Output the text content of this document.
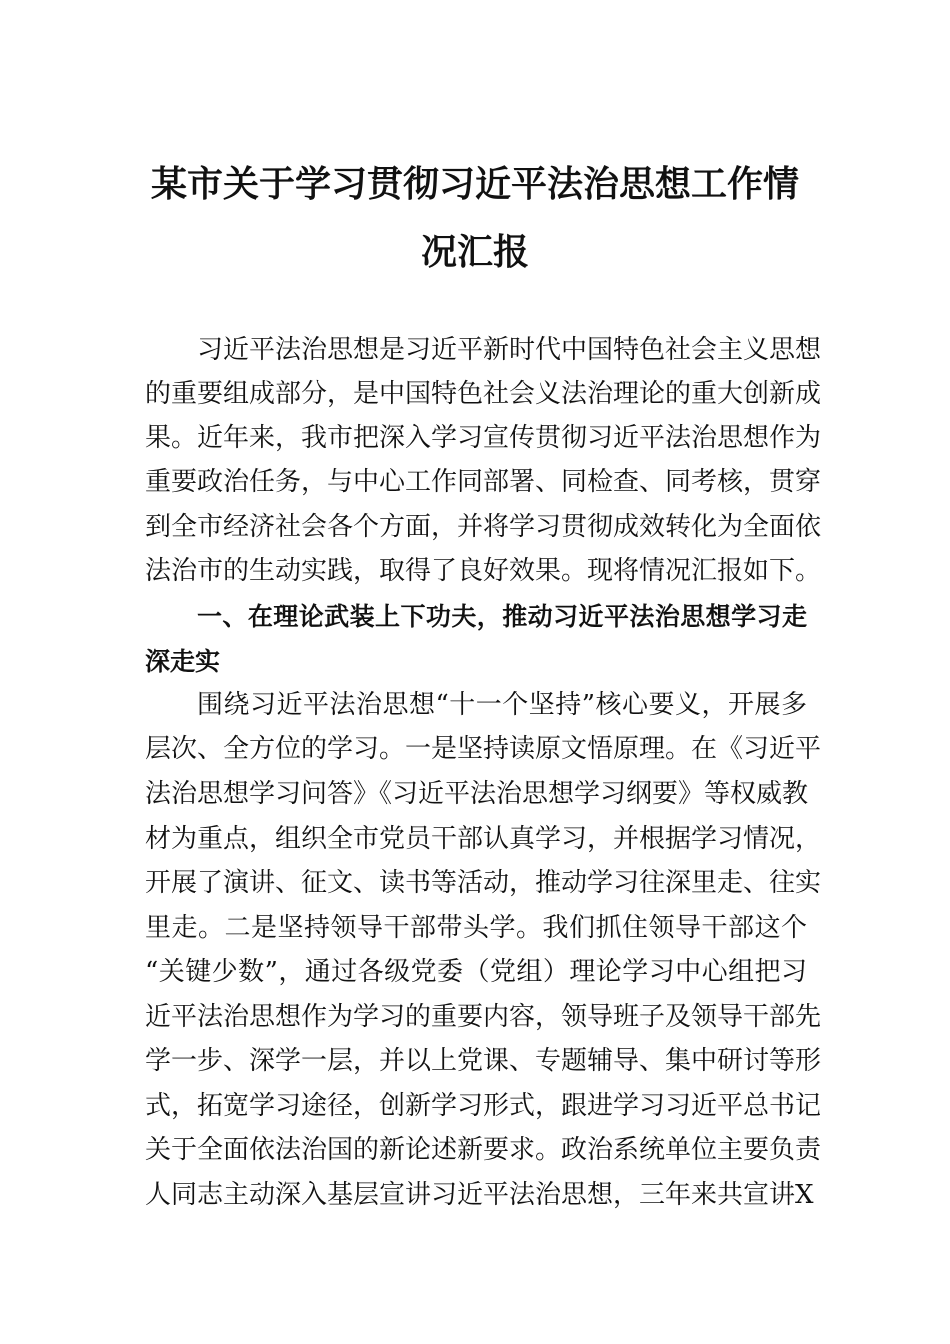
某市关于学习贯彻习近平法治思想工作情
况汇报
习近平法治思想是习近平新时代中国特色社会主义思想
的重要组成部分，是中国特色社会义法治理论的重大创新成
果。近年来，我市把深入学习宣传贯彻习近平法治思想作为
重要政治任务，与中心工作同部署、同检查、同考核，贯穿
到全市经济社会各个方面，并将学习贯彻成效转化为全面依
法治市的生动实践，取得了良好效果。现将情况汇报如下。
一、在理论武装上下功夫，推动习近平法治思想学习走
深走实
围绕习近平法治思想“十一个坚持”核心要义，开展多
层次、全方位的学习。一是坚持读原文悟原理。在《习近平
法治思想学习问答》《习近平法治思想学习纲要》等权威教
材为重点，组织全市党员干部认真学习，并根据学习情况，
开展了演讲、征文、读书等活动，推动学习往深里走、往实
里走。二是坚持领导干部带头学。我们抓住领导干部这个
“关键少数”，通过各级党委（党组）理论学习中心组把习
近平法治思想作为学习的重要内容，领导班子及领导干部先
学一步、深学一层，并以上党课、专题辅导、集中研讨等形
式，拓宽学习途径，创新学习形式，跟进学习习近平总书记
关于全面依法治国的新论述新要求。政治系统单位主要负责
人同志主动深入基层宣讲习近平法治思想，三年来共宣讲X
